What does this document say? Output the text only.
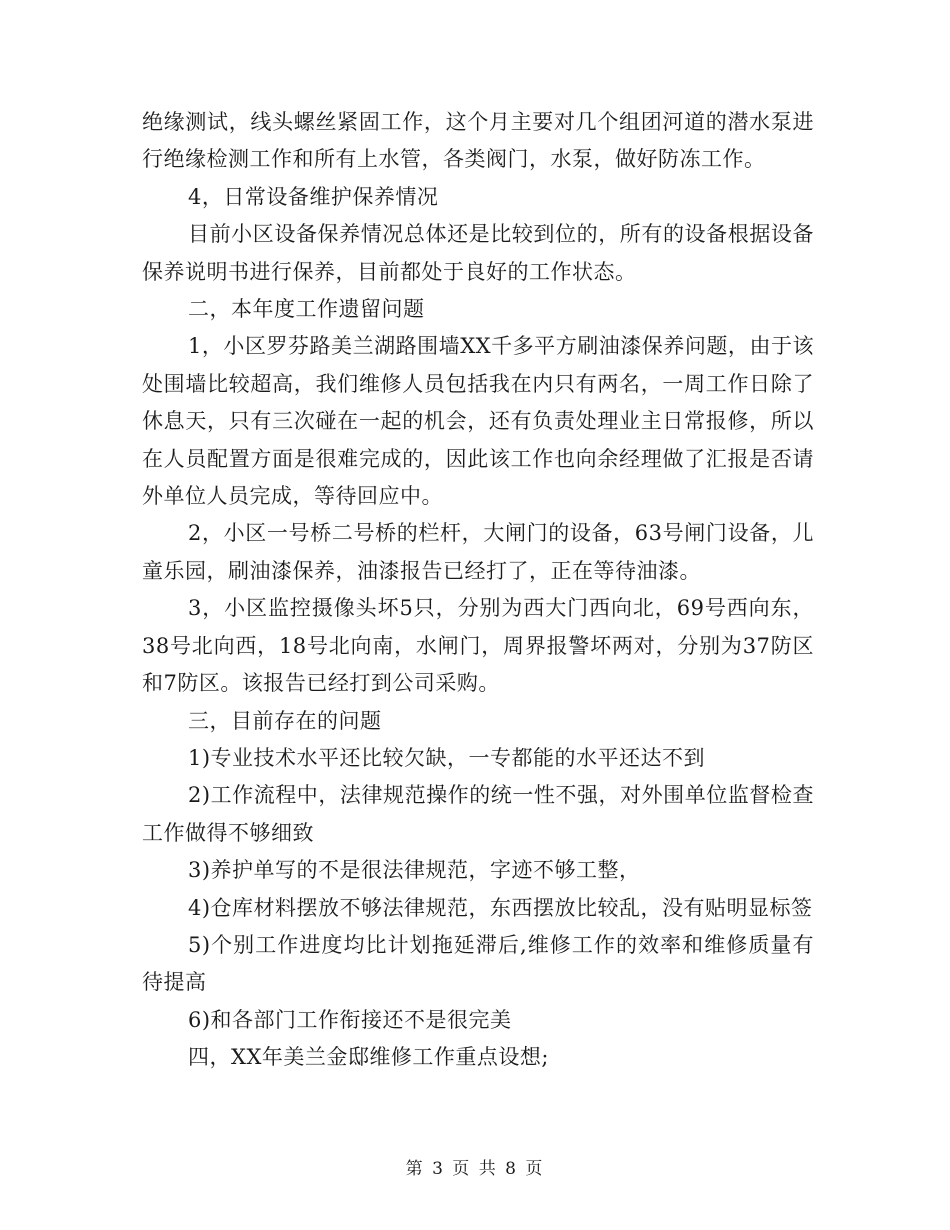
绝缘测试，线头螺丝紧固工作，这个月主要对几个组团河道的潜水泵进行绝缘检测工作和所有上水管，各类阀门，水泵，做好防冻工作。

4，日常设备维护保养情况

目前小区设备保养情况总体还是比较到位的，所有的设备根据设备保养说明书进行保养，目前都处于良好的工作状态。

二，本年度工作遗留问题

1，小区罗芬路美兰湖路围墙XX千多平方刷油漆保养问题，由于该处围墙比较超高，我们维修人员包括我在内只有两名，一周工作日除了休息天，只有三次碰在一起的机会，还有负责处理业主日常报修，所以在人员配置方面是很难完成的，因此该工作也向余经理做了汇报是否请外单位人员完成，等待回应中。

2，小区一号桥二号桥的栏杆，大闸门的设备，63号闸门设备，儿童乐园，刷油漆保养，油漆报告已经打了，正在等待油漆。

3，小区监控摄像头坏5只，分别为西大门西向北，69号西向东，38号北向西，18号北向南，水闸门，周界报警坏两对，分别为37防区和7防区。该报告已经打到公司采购。

三，目前存在的问题

1)专业技术水平还比较欠缺，一专都能的水平还达不到

2)工作流程中，法律规范操作的统一性不强，对外围单位监督检查工作做得不够细致

3)养护单写的不是很法律规范，字迹不够工整，

4)仓库材料摆放不够法律规范，东西摆放比较乱，没有贴明显标签

5)个别工作进度均比计划拖延滞后,维修工作的效率和维修质量有待提高

6)和各部门工作衔接还不是很完美

四，XX年美兰金邸维修工作重点设想;

第 3 页 共 8 页
